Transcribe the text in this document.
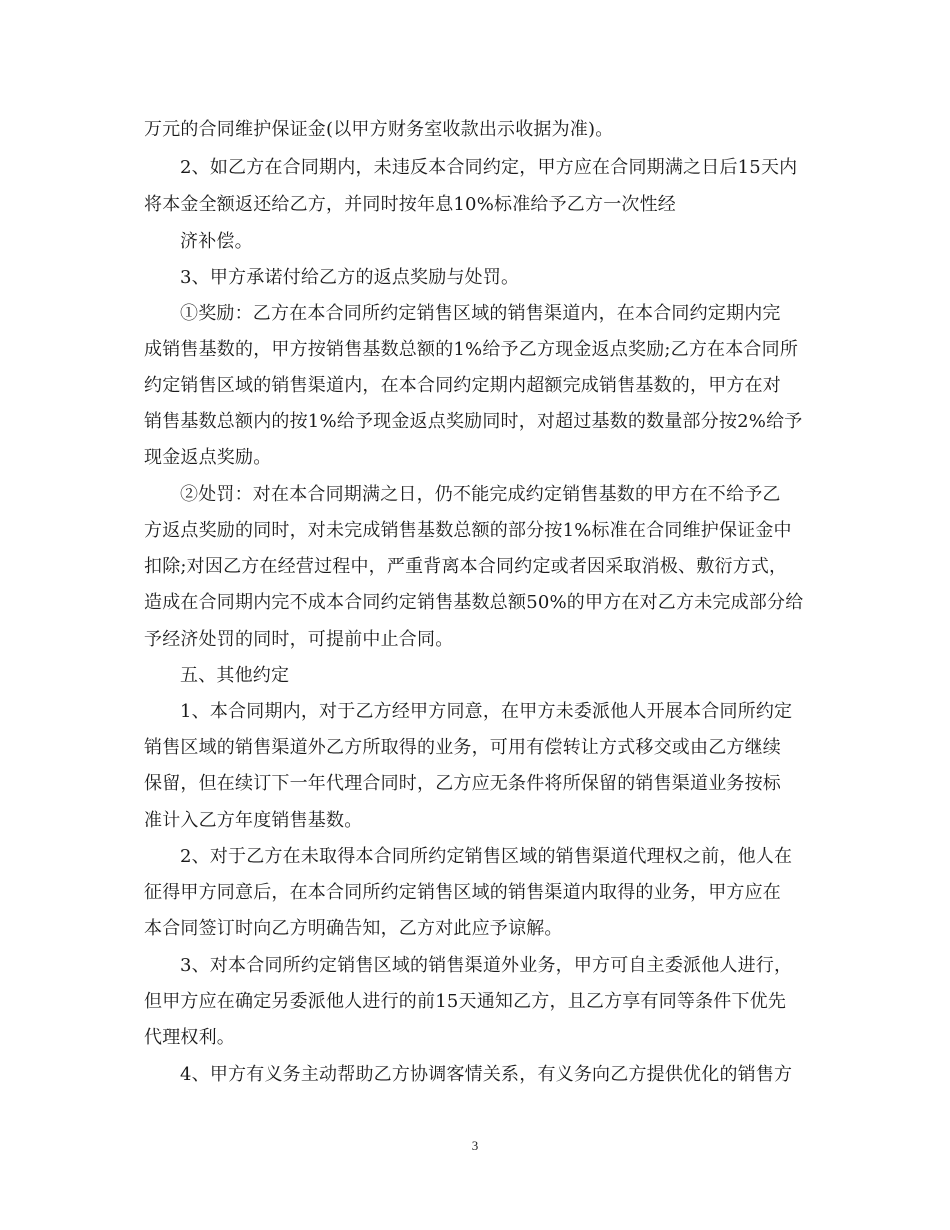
万元的合同维护保证金(以甲方财务室收款出示收据为准)。
2、如乙方在合同期内，未违反本合同约定，甲方应在合同期满之日后15天内
将本金全额返还给乙方，并同时按年息10%标准给予乙方一次性经
济补偿。
3、甲方承诺付给乙方的返点奖励与处罚。
①奖励：乙方在本合同所约定销售区域的销售渠道内，在本合同约定期内完
成销售基数的，甲方按销售基数总额的1%给予乙方现金返点奖励;乙方在本合同所
约定销售区域的销售渠道内，在本合同约定期内超额完成销售基数的，甲方在对
销售基数总额内的按1%给予现金返点奖励同时，对超过基数的数量部分按2%给予
现金返点奖励。
②处罚：对在本合同期满之日，仍不能完成约定销售基数的甲方在不给予乙
方返点奖励的同时，对未完成销售基数总额的部分按1%标准在合同维护保证金中
扣除;对因乙方在经营过程中，严重背离本合同约定或者因采取消极、敷衍方式，
造成在合同期内完不成本合同约定销售基数总额50%的甲方在对乙方未完成部分给
予经济处罚的同时，可提前中止合同。
五、其他约定
1、本合同期内，对于乙方经甲方同意，在甲方未委派他人开展本合同所约定
销售区域的销售渠道外乙方所取得的业务，可用有偿转让方式移交或由乙方继续
保留，但在续订下一年代理合同时，乙方应无条件将所保留的销售渠道业务按标
准计入乙方年度销售基数。
2、对于乙方在未取得本合同所约定销售区域的销售渠道代理权之前，他人在
征得甲方同意后，在本合同所约定销售区域的销售渠道内取得的业务，甲方应在
本合同签订时向乙方明确告知，乙方对此应予谅解。
3、对本合同所约定销售区域的销售渠道外业务，甲方可自主委派他人进行，
但甲方应在确定另委派他人进行的前15天通知乙方，且乙方享有同等条件下优先
代理权利。
4、甲方有义务主动帮助乙方协调客情关系，有义务向乙方提供优化的销售方
3
